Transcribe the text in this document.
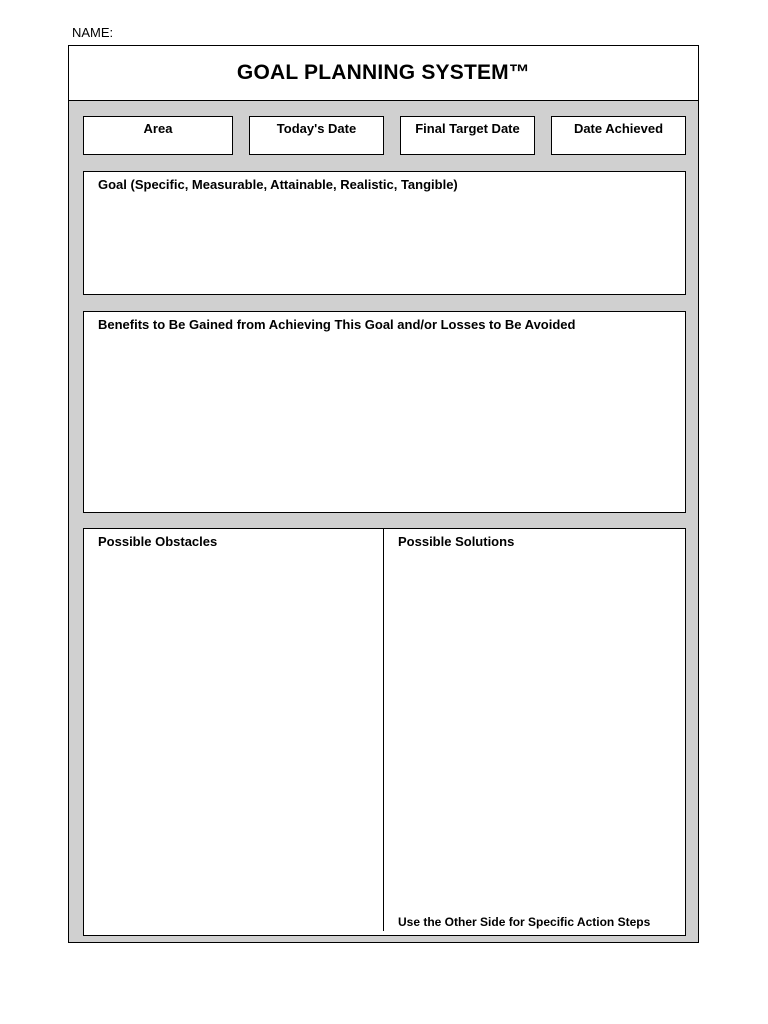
NAME:
GOAL PLANNING SYSTEM™
Area	Today's Date	Final Target Date	Date Achieved
Goal (Specific, Measurable, Attainable, Realistic, Tangible)
Benefits to Be Gained from Achieving This Goal and/or Losses to Be Avoided
Possible Obstacles	Possible Solutions
Use the Other Side for Specific Action Steps
